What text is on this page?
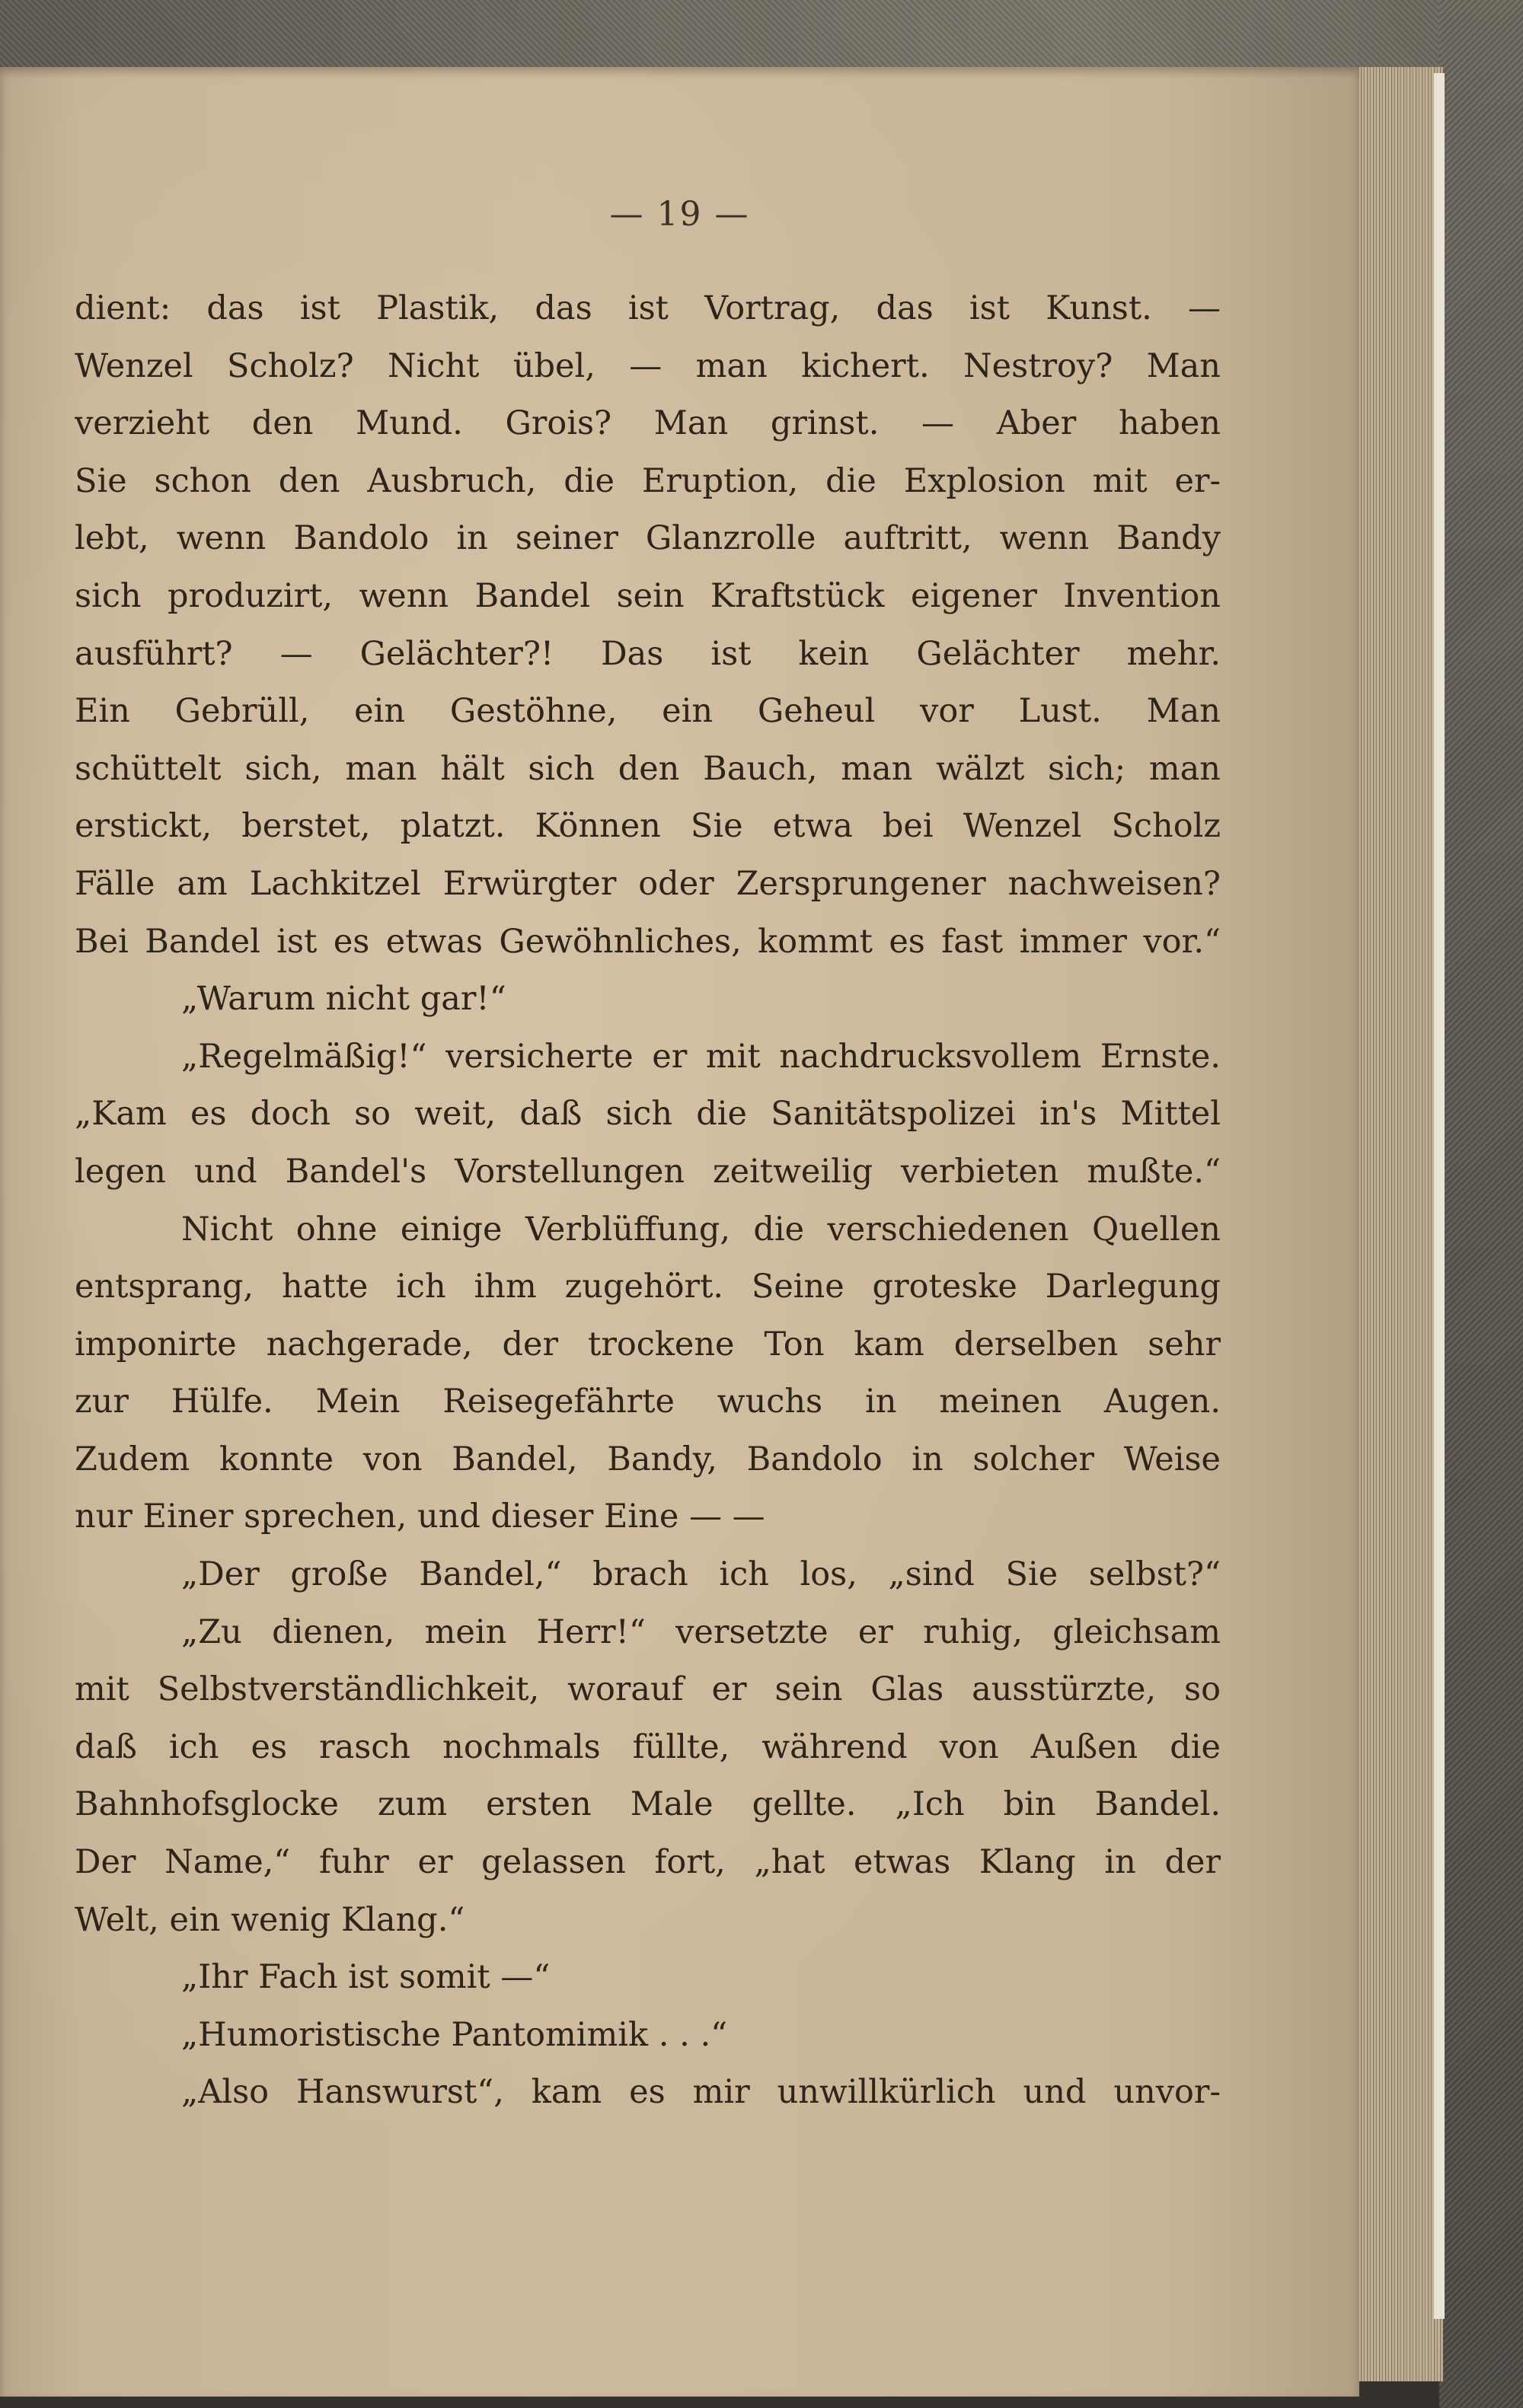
— 19 —
dient: das ist Plastik, das ist Vortrag, das ist Kunst. —
Wenzel Scholz? Nicht übel, — man kichert. Nestroy? Man
verzieht den Mund. Grois? Man grinst. — Aber haben
Sie schon den Ausbruch, die Eruption, die Explosion mit er-
lebt, wenn Bandolo in seiner Glanzrolle auftritt, wenn Bandy
sich produzirt, wenn Bandel sein Kraftstück eigener Invention
ausführt? — Gelächter?! Das ist kein Gelächter mehr.
Ein Gebrüll, ein Gestöhne, ein Geheul vor Lust. Man
schüttelt sich, man hält sich den Bauch, man wälzt sich; man
erstickt, berstet, platzt. Können Sie etwa bei Wenzel Scholz
Fälle am Lachkitzel Erwürgter oder Zersprungener nachweisen?
Bei Bandel ist es etwas Gewöhnliches, kommt es fast immer vor.“
„Warum nicht gar!“
„Regelmäßig!“ versicherte er mit nachdrucksvollem Ernste.
„Kam es doch so weit, daß sich die Sanitätspolizei in's Mittel
legen und Bandel's Vorstellungen zeitweilig verbieten mußte.“
Nicht ohne einige Verblüffung, die verschiedenen Quellen
entsprang, hatte ich ihm zugehört. Seine groteske Darlegung
imponirte nachgerade, der trockene Ton kam derselben sehr
zur Hülfe. Mein Reisegefährte wuchs in meinen Augen.
Zudem konnte von Bandel, Bandy, Bandolo in solcher Weise
nur Einer sprechen, und dieser Eine — —
„Der große Bandel,“ brach ich los, „sind Sie selbst?“
„Zu dienen, mein Herr!“ versetzte er ruhig, gleichsam
mit Selbstverständlichkeit, worauf er sein Glas ausstürzte, so
daß ich es rasch nochmals füllte, während von Außen die
Bahnhofsglocke zum ersten Male gellte. „Ich bin Bandel.
Der Name,“ fuhr er gelassen fort, „hat etwas Klang in der
Welt, ein wenig Klang.“
„Ihr Fach ist somit —“
„Humoristische Pantomimik . . .“
„Also Hanswurst“, kam es mir unwillkürlich und unvor-
